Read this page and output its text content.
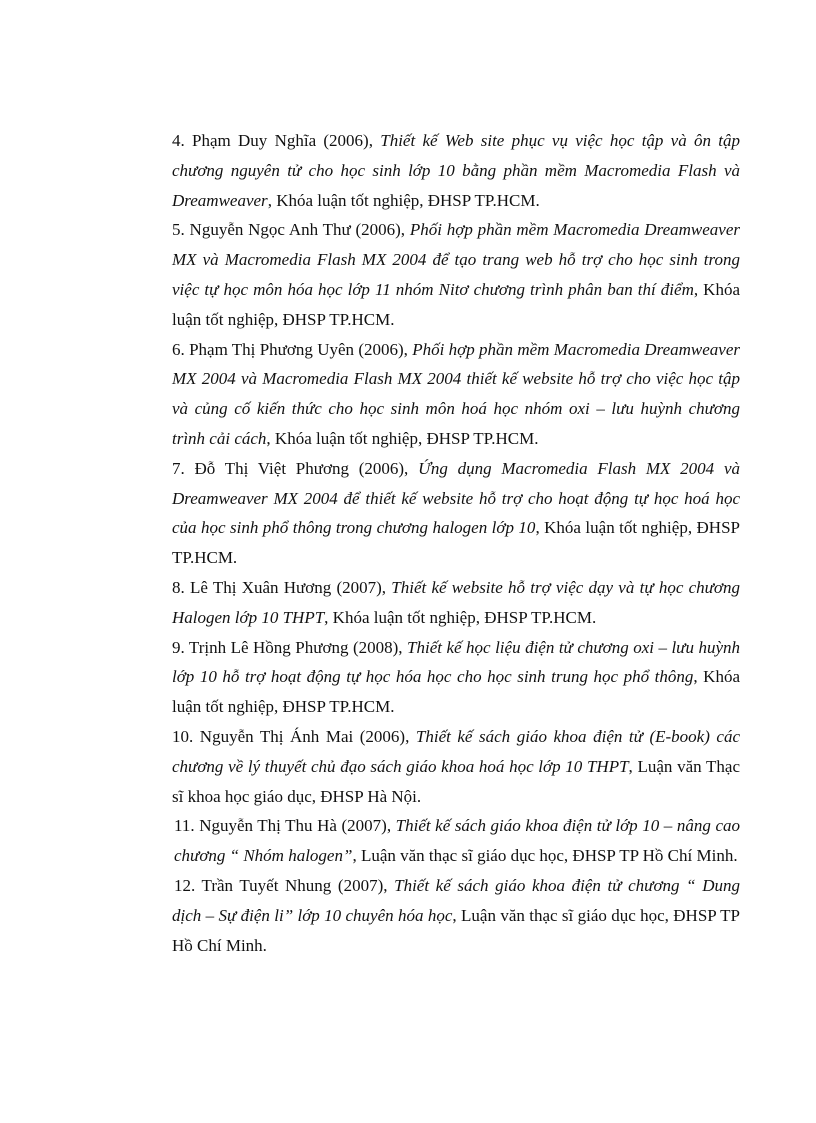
4. Phạm Duy Nghĩa (2006), Thiết kế Web site phục vụ việc học tập và ôn tập chương nguyên tử cho học sinh lớp 10 bằng phần mềm Macromedia Flash và Dreamweaver, Khóa luận tốt nghiệp, ĐHSP TP.HCM.

5. Nguyễn Ngọc Anh Thư (2006), Phối hợp phần mềm Macromedia Dreamweaver MX và Macromedia Flash MX 2004 để tạo trang web hỗ trợ cho học sinh trong việc tự học môn hóa học lớp 11 nhóm Nitơ chương trình phân ban thí điểm, Khóa luận tốt nghiệp, ĐHSP TP.HCM.

6. Phạm Thị Phương Uyên (2006), Phối hợp phần mềm Macromedia Dreamweaver MX 2004 và Macromedia Flash MX 2004 thiết kế website hỗ trợ cho việc học tập và củng cố kiến thức cho học sinh môn hoá học nhóm oxi – lưu huỳnh chương trình cải cách, Khóa luận tốt nghiệp, ĐHSP TP.HCM.

7. Đỗ Thị Việt Phương (2006), Ứng dụng Macromedia Flash MX 2004 và Dreamweaver MX 2004 để thiết kế website hỗ trợ cho hoạt động tự học hoá học của học sinh phổ thông trong chương halogen lớp 10, Khóa luận tốt nghiệp, ĐHSP TP.HCM.

8. Lê Thị Xuân Hương (2007), Thiết kế website hỗ trợ việc dạy và tự học chương Halogen lớp 10 THPT, Khóa luận tốt nghiệp, ĐHSP TP.HCM.

9. Trịnh Lê Hồng Phương (2008), Thiết kế học liệu điện tử chương oxi – lưu huỳnh lớp 10 hỗ trợ hoạt động tự học hóa học cho học sinh trung học phổ thông, Khóa luận tốt nghiệp, ĐHSP TP.HCM.

10. Nguyễn Thị Ánh Mai (2006), Thiết kế sách giáo khoa điện tử (E-book) các chương về lý thuyết chủ đạo sách giáo khoa hoá học lớp 10 THPT, Luận văn Thạc sĩ khoa học giáo dục, ĐHSP Hà Nội.

11. Nguyễn Thị Thu Hà (2007), Thiết kế sách giáo khoa điện tử lớp 10 – nâng cao chương “ Nhóm halogen”, Luận văn thạc sĩ giáo dục học, ĐHSP TP Hồ Chí Minh.

12. Trần Tuyết Nhung (2007), Thiết kế sách giáo khoa điện tử chương “ Dung dịch – Sự điện li” lớp 10 chuyên hóa học, Luận văn thạc sĩ giáo dục học, ĐHSP TP Hồ Chí Minh.
